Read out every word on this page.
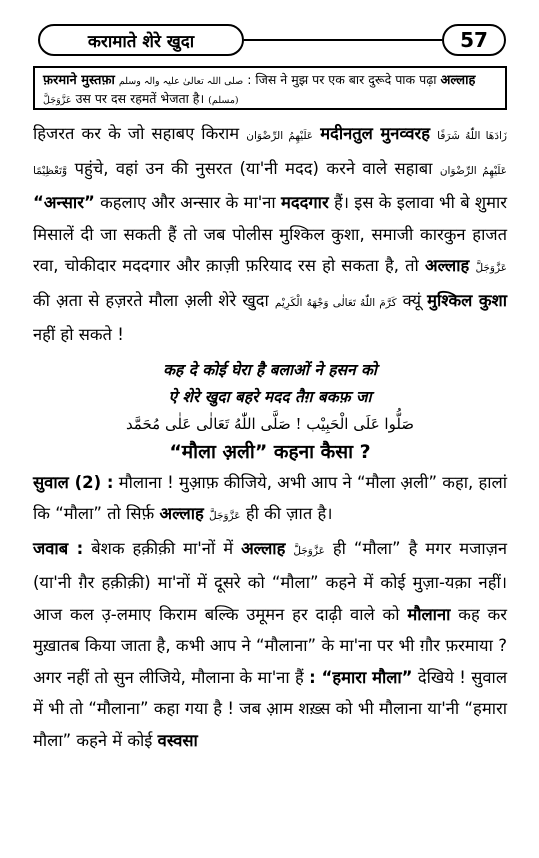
करामाते शेरे खुदा	57
फ़रमाने मुस्तफ़ा صلی اللہ تعالیٰ علیہ والہ وسلم : जिस ने मुझ पर एक बार दुरूदे पाक पढ़ा अल्लाह
عَزَّوَجَلَّ उस पर दस रहमतें भेजता है। (مسلم)

हिजरत कर के जो सहाबए किराम عَلَيْهِمُ الرِّضْوَان मदीनतुल मुनव्वरह زَادَهَا اللّٰهُ شَرَفًا وَّتَعْظِيْمًا पहुंचे, वहां उन की नुसरत (या'नी मदद) करने वाले सहाबा عَلَيْهِمُ الرِّضْوَان “अन्सार” कहलाए और अन्सार के मा'ना मददगार हैं। इस के इलावा भी बे शुमार मिसालें दी जा सकती हैं तो जब पोलीस मुश्किल कुशा, समाजी कारकुन हाजत रवा, चोकीदार मददगार और क़ाज़ी फ़रियाद रस हो सकता है, तो अल्लाह عَزَّوَجَلَّ की अ़ता से हज़रते मौला अ़ली शेरे खुदा كَرَّمَ اللّٰهُ تَعَالٰى وَجْهَهُ الْكَرِيْم क्यूं मुश्किल कुशा नहीं हो सकते !

कह दे कोई घेरा है बलाओं ने हसन को
ऐ शेरे खुदा बहरे मदद तैग़ बकफ़ जा
صَلُّوا عَلَى الْحَبِيْب ! صَلَّى اللّٰهُ تَعَالٰى عَلٰى مُحَمَّد
“मौला अ़ली” कहना कैसा ?

सुवाल (2) : मौलाना ! मुआ़फ़ कीजिये, अभी आप ने “मौला अ़ली” कहा, हालां कि “मौला” तो सिर्फ़ अल्लाह عَزَّوَجَلَّ ही की ज़ात है।

जवाब : बेशक हक़ीक़ी मा'नों में अल्लाह عَزَّوَجَلَّ ही “मौला” है मगर मजाज़न (या'नी ग़ैर हक़ीक़ी) मा'नों में दूसरे को “मौला” कहने में कोई मुज़ा-यक़ा नहीं। आज कल उ़-लमाए किराम बल्कि उमूमन हर दाढ़ी वाले को मौलाना कह कर मुख़ातब किया जाता है, कभी आप ने “मौलाना” के मा'ना पर भी ग़ौर फ़रमाया ? अगर नहीं तो सुन लीजिये, मौलाना के मा'ना हैं : “हमारा मौला” देखिये ! सुवाल में भी तो “मौलाना” कहा गया है ! जब आ़म शख़्स को भी मौलाना या'नी “हमारा मौला” कहने में कोई वस्वसा
